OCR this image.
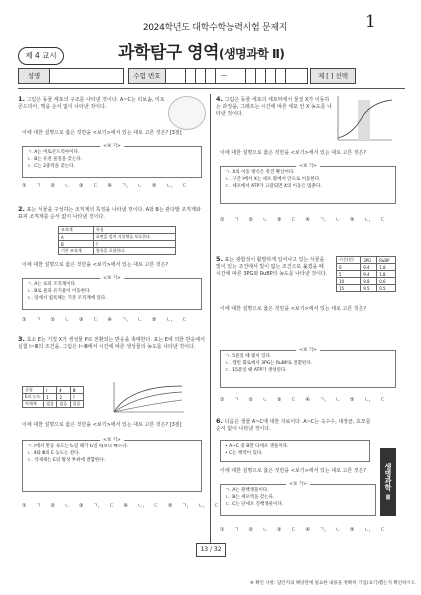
2024학년도 대학수학능력시험 문제지	1
제 4 교시	과학탐구 영역(생명과학 Ⅱ)
성명	수험 번호	—	제 [ ] 선택
1. 그림은 동물 세포의 구조를 나타낸 것이다. A~C는 리보솜, 미토콘드리아, 핵을 순서 없이 나타낸 것이다.
이에 대한 설명으로 옳은 것만을 <보기>에서 있는 대로 고른 것은? [3점]
<보 기>
ㄱ. A는 미토콘드리아이다.
ㄴ. B는 유전 물질을 갖는다.
ㄷ. C는 2중막을 갖는다.
① ㄱ ② ㄴ ③ ㄷ ④ ㄱ, ㄴ ⑤ ㄴ, ㄷ
2. 표는 식물을 구성하는 조직계의 특징을 나타낸 것이다. A와 B는 관다발 조직계와 표피 조직계를 순서 없이 나타낸 것이다.
조직계	특징
A	표면을 덮어 식물체를 보호한다.
B	?
기본 조직계	엽육을 포함한다.
이에 대한 설명으로 옳은 것만을 <보기>에서 있는 대로 고른 것은?
<보 기>
ㄱ. A는 표피 조직계이다.
ㄴ. B로 물과 유기물이 이동한다.
ㄷ. 잎에서 엽록체는 기본 조직계에 있다.
① ㄱ ② ㄴ ③ ㄷ ④ ㄱ, ㄴ ⑤ ㄴ, ㄷ
3. 효소 E는 기질 X가 생성물 P로 전환되는 반응을 촉매한다. 표는 E에 의한 반응에서 실험 Ⅰ~Ⅲ의 조건을, 그림은 Ⅰ~Ⅲ에서 시간에 따른 생성물의 농도를 나타낸 것이다.
실험	Ⅰ	Ⅱ	Ⅲ
E의 농도	1	2	?
억제제	없음	없음	있음
이에 대한 설명으로 옳은 것만을 <보기>에서 있는 대로 고른 것은? [3점]
<보 기>
ㄱ. Ⅰ에서 반응 속도는 t₁일 때가 t₂일 때보다 빠르다.
ㄴ. Ⅱ와 Ⅲ의 E 농도는 같다.
ㄷ. 억제제는 E의 활성 부위에 결합한다.
① ㄱ ② ㄴ ③ ㄱ, ㄷ ④ ㄴ, ㄷ ⑤ ㄱ, ㄴ, ㄷ
4. 그림은 동물 세포의 세포막에서 물질 X가 이동하는 과정을, 그래프는 시간에 따른 세포 안 X 농도를 나타낸 것이다.
이에 대한 설명으로 옳은 것만을 <보기>에서 있는 대로 고른 것은?
<보 기>
ㄱ. X의 이동 방식은 촉진 확산이다.
ㄴ. 구간 Ⅰ에서 X는 세포 밖에서 안으로 이동한다.
ㄷ. 세포에서 ATP가 고갈되면 X의 이동은 멈춘다.
① ㄱ ② ㄴ ③ ㄷ ④ ㄱ, ㄴ ⑤ ㄴ, ㄷ
5. 표는 광합성이 활발하게 일어나고 있는 식물을 빛이 있는 조건에서 빛이 없는 조건으로 옮겼을 때 시간에 따른 3PG와 RuBP의 농도를 나타낸 것이다.
시간(분)	3PG	RuBP
0	9.4	1.8
5	9.4	1.8
10	9.8	0.6
15	9.5	0.5
이에 대한 설명으로 옳은 것만을 <보기>에서 있는 대로 고른 것은?
<보 기>
ㄱ. 5분일 때 빛이 있다.
ㄴ. 캘빈 회로에서 3PG는 RuBP로 전환된다.
ㄷ. 15분일 때 ATP가 생성된다.
① ㄱ ② ㄴ ③ ㄷ ④ ㄱ, ㄴ ⑤ ㄴ, ㄷ
6. 다음은 생물 A~C에 대한 자료이다. A~C는 옥수수, 대장균, 효모를 순서 없이 나타낸 것이다.
• A~C 중 B만 다세포 생물이다.
• C는 핵막이 있다.
이에 대한 설명으로 옳은 것만을 <보기>에서 있는 대로 고른 것은?
<보 기>
ㄱ. A는 원핵생물이다.
ㄴ. B는 세포벽을 갖는다.
ㄷ. C는 단세포 진핵생물이다.
① ㄱ ② ㄴ ③ ㄷ ④ ㄱ, ㄴ ⑤ ㄴ, ㄷ
생명과학 Ⅱ
13 / 32
※ 확인 사항: 답안지의 해당란에 필요한 내용을 정확히 기입(표기)했는지 확인하시오.
